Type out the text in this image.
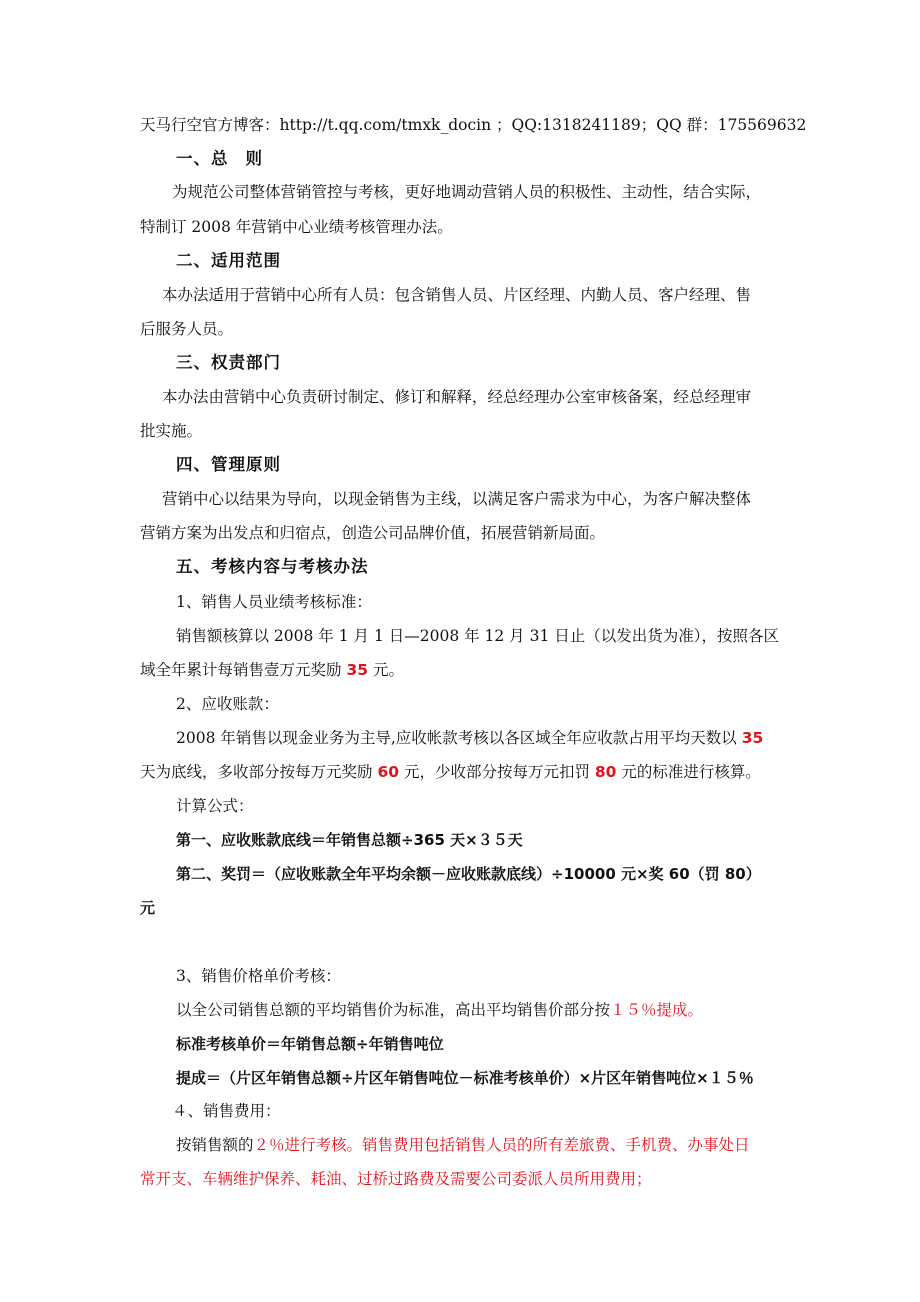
天马行空官方博客：http://t.qq.com/tmxk_docin ；QQ:1318241189；QQ 群：175569632
一、总 则
为规范公司整体营销管控与考核，更好地调动营销人员的积极性、主动性，结合实际，
特制订 2008 年营销中心业绩考核管理办法。
二、适用范围
本办法适用于营销中心所有人员：包含销售人员、片区经理、内勤人员、客户经理、售
后服务人员。
三、权责部门
本办法由营销中心负责研讨制定、修订和解释，经总经理办公室审核备案，经总经理审
批实施。
四、管理原则
营销中心以结果为导向，以现金销售为主线，以满足客户需求为中心，为客户解决整体
营销方案为出发点和归宿点，创造公司品牌价值，拓展营销新局面。
五、考核内容与考核办法
1、销售人员业绩考核标准：
销售额核算以 2008 年 1 月 1 日—2008 年 12 月 31 日止（以发出货为准），按照各区
域全年累计每销售壹万元奖励 35 元。
2、应收账款：
2008 年销售以现金业务为主导,应收帐款考核以各区域全年应收款占用平均天数以 35
天为底线，多收部分按每万元奖励 60 元，少收部分按每万元扣罚 80 元的标准进行核算。
计算公式：
第一、应收账款底线＝年销售总额÷365 天×３５天
第二、奖罚＝（应收账款全年平均余额－应收账款底线）÷10000 元×奖 60（罚 80）
元
3、销售价格单价考核：
以全公司销售总额的平均销售价为标准，高出平均销售价部分按１５％提成。
标准考核单价＝年销售总额÷年销售吨位
提成＝（片区年销售总额÷片区年销售吨位－标准考核单价）×片区年销售吨位×１５％
４、销售费用：
按销售额的２％进行考核。销售费用包括销售人员的所有差旅费、手机费、办事处日
常开支、车辆维护保养、耗油、过桥过路费及需要公司委派人员所用费用；
